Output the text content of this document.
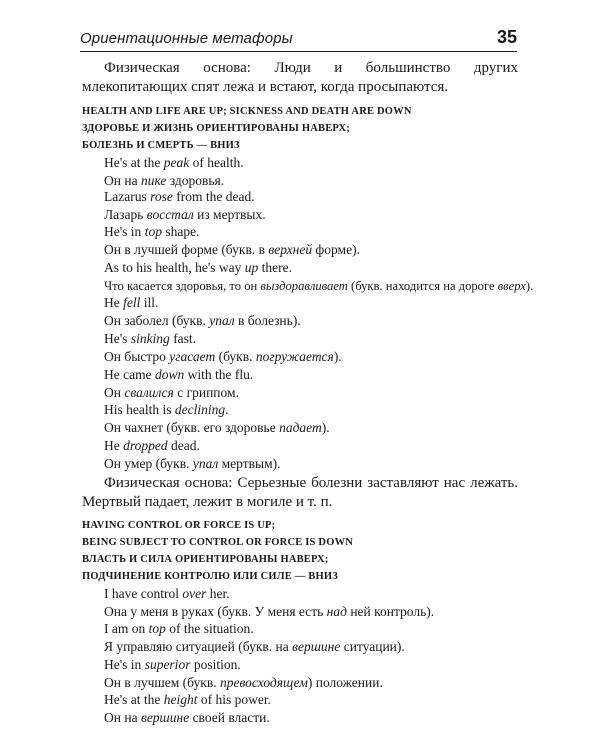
Ориентационные метафоры	35

Физическая основа: Люди и большинство других млекопитающих спят лежа и встают, когда просыпаются.

HEALTH AND LIFE ARE UP; SICKNESS AND DEATH ARE DOWN
ЗДОРОВЬЕ И ЖИЗНЬ ОРИЕНТИРОВАНЫ НАВЕРХ;
БОЛЕЗНЬ И СМЕРТЬ — ВНИЗ
He's at the peak of health.
Он на пике здоровья.
Lazarus rose from the dead.
Лазарь восстал из мертвых.
He's in top shape.
Он в лучшей форме (букв. в верхней форме).
As to his health, he's way up there.
Что касается здоровья, то он выздоравливает (букв. находится на дороге вверх).
He fell ill.
Он заболел (букв. упал в болезнь).
He's sinking fast.
Он быстро угасает (букв. погружается).
He came down with the flu.
Он свалился с гриппом.
His health is declining.
Он чахнет (букв. его здоровье падает).
He dropped dead.
Он умер (букв. упал мертвым).

Физическая основа: Серьезные болезни заставляют нас лежать. Мертвый падает, лежит в могиле и т. п.

HAVING CONTROL OR FORCE IS UP;
BEING SUBJECT TO CONTROL OR FORCE IS DOWN
ВЛАСТЬ И СИЛА ОРИЕНТИРОВАНЫ НАВЕРХ;
ПОДЧИНЕНИЕ КОНТРОЛЮ ИЛИ СИЛЕ — ВНИЗ
I have control over her.
Она у меня в руках (букв. У меня есть над ней контроль).
I am on top of the situation.
Я управляю ситуацией (букв. на вершине ситуации).
He's in superior position.
Он в лучшем (букв. превосходящем) положении.
He's at the height of his power.
Он на вершине своей власти.
